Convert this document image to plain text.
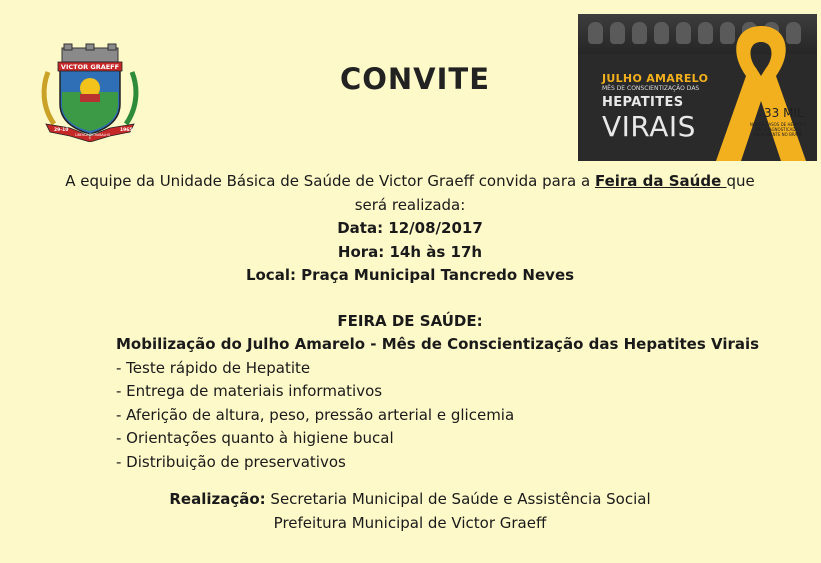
VICTOR GRAEFF
29-10	1965
LIBERDADE
E
TRABALHO
CONVITE	JULHO AMARELO
MÊS DE CONSCIENTIZAÇÃO DAS
HEPATITES
VIRAIS	33 MIL
NOVOS CASOS DE HEPATITE SÃO DIAGNOSTICADOS ANUALMENTE NO BRASIL
A equipe da Unidade Básica de Saúde de Victor Graeff convida para a Feira da Saúde que será realizada:
Data: 12/08/2017
Hora: 14h às 17h
Local: Praça Municipal Tancredo Neves
FEIRA DE SAÚDE:
Mobilização do Julho Amarelo - Mês de Conscientização das Hepatites Virais
- Teste rápido de Hepatite
- Entrega de materiais informativos
- Aferição de altura, peso, pressão arterial e glicemia
- Orientações quanto à higiene bucal
- Distribuição de preservativos
Realização: Secretaria Municipal de Saúde e Assistência Social
Prefeitura Municipal de Victor Graeff
